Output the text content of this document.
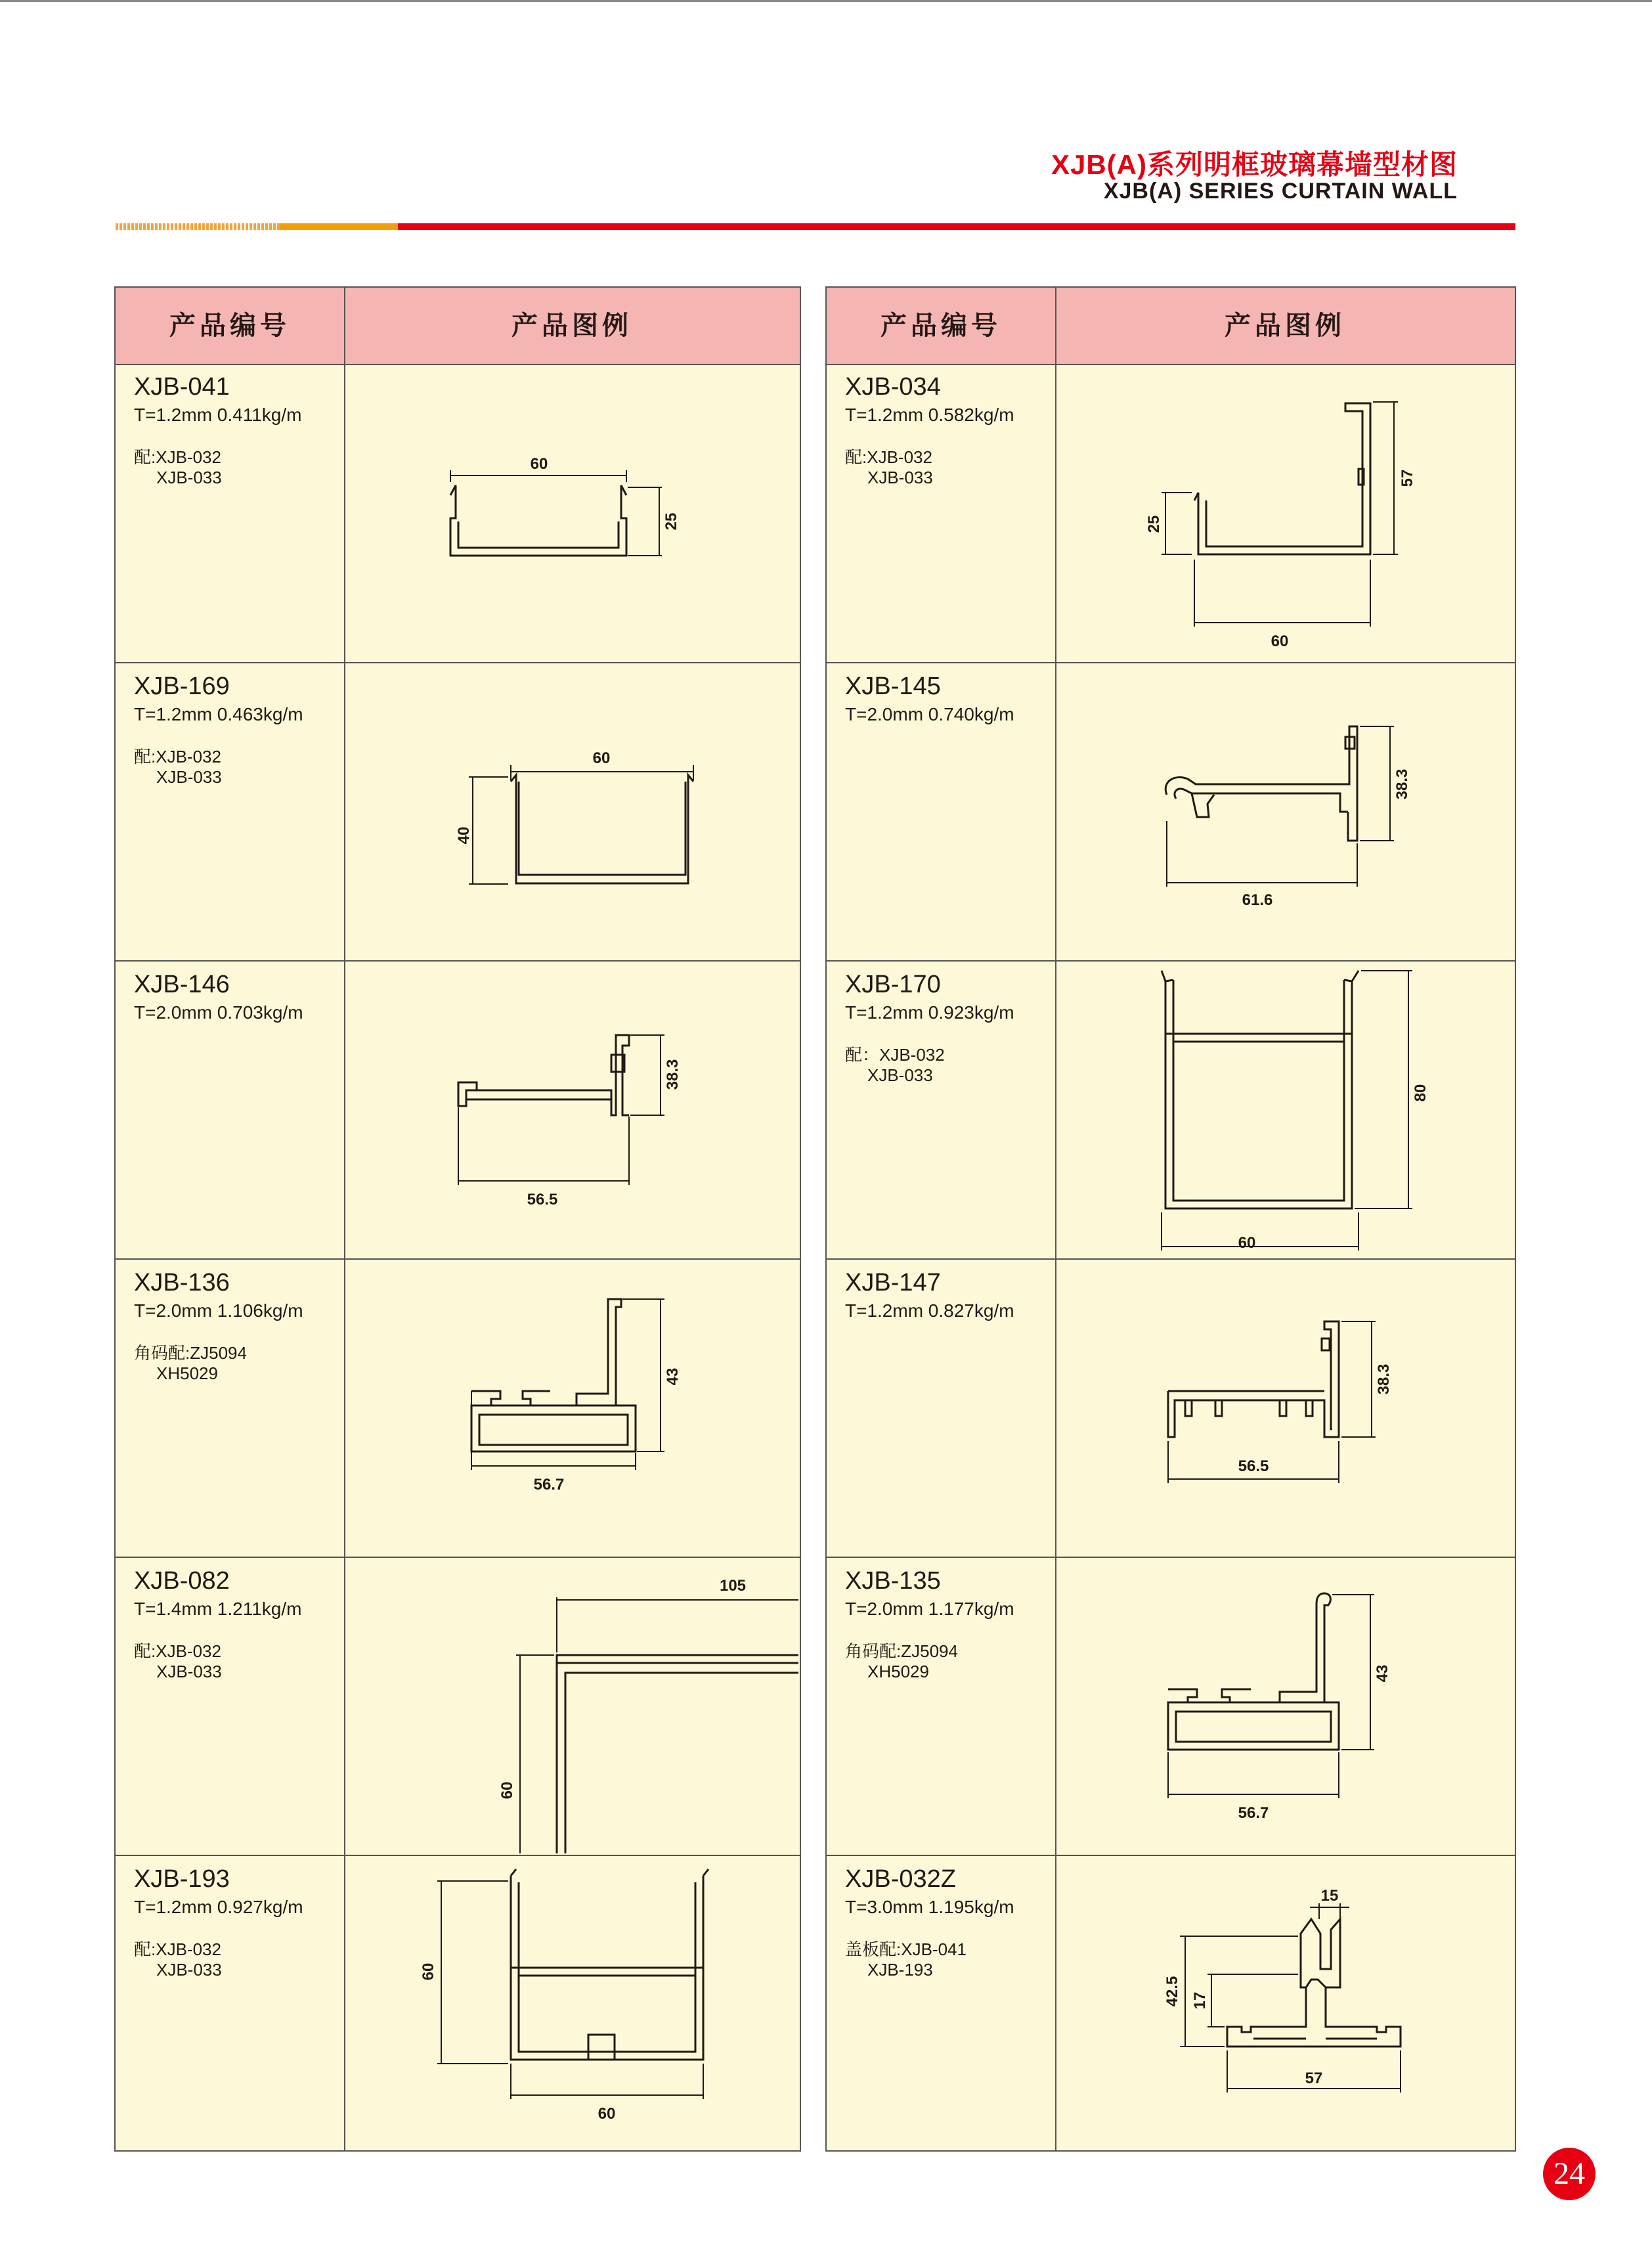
XJB(A)系列明框玻璃幕墙型材图
XJB(A) SERIES CURTAIN WALL
产品编号	产品图例
XJB-041
T=1.2mm 0.411kg/m
配:XJB-032
XJB-033
60
25
XJB-169
T=1.2mm 0.463kg/m
配:XJB-032
XJB-033
60
40
XJB-146
T=2.0mm 0.703kg/m
56.5
38.3
XJB-136
T=2.0mm 1.106kg/m
角码配:ZJ5094
XH5029
56.7
43
XJB-082
T=1.4mm 1.211kg/m
配:XJB-032
XJB-033
105
60
XJB-193
T=1.2mm 0.927kg/m
配:XJB-032
XJB-033
60
60
产品编号	产品图例
XJB-034
T=1.2mm 0.582kg/m
配:XJB-032
XJB-033
60
25
57
XJB-145
T=2.0mm 0.740kg/m
61.6
38.3
XJB-170
T=1.2mm 0.923kg/m
配：XJB-032
XJB-033
60
80
XJB-147
T=1.2mm 0.827kg/m
56.5
38.3
XJB-135
T=2.0mm 1.177kg/m
角码配:ZJ5094
XH5029
56.7
43
XJB-032Z
T=3.0mm 1.195kg/m
盖板配:XJB-041
XJB-193
15
42.5 17
57
24
